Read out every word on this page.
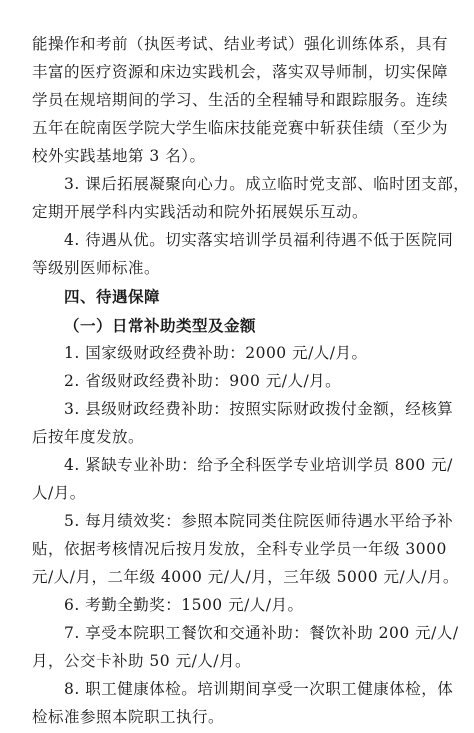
能操作和考前（执医考试、结业考试）强化训练体系，具有
丰富的医疗资源和床边实践机会，落实双导师制，切实保障
学员在规培期间的学习、生活的全程辅导和跟踪服务。连续
五年在皖南医学院大学生临床技能竞赛中斩获佳绩（至少为
校外实践基地第 3 名）。
3. 课后拓展凝聚向心力。成立临时党支部、临时团支部，
定期开展学科内实践活动和院外拓展娱乐互动。
4. 待遇从优。切实落实培训学员福利待遇不低于医院同
等级别医师标准。
四、待遇保障
（一）日常补助类型及金额
1. 国家级财政经费补助：2000 元/人/月。
2. 省级财政经费补助：900 元/人/月。
3. 县级财政经费补助：按照实际财政拨付金额，经核算
后按年度发放。
4. 紧缺专业补助：给予全科医学专业培训学员 800 元/
人/月。
5. 每月绩效奖：参照本院同类住院医师待遇水平给予补
贴，依据考核情况后按月发放，全科专业学员一年级 3000
元/人/月，二年级 4000 元/人/月，三年级 5000 元/人/月。
6. 考勤全勤奖：1500 元/人/月。
7. 享受本院职工餐饮和交通补助：餐饮补助 200 元/人/
月，公交卡补助 50 元/人/月。
8. 职工健康体检。培训期间享受一次职工健康体检，体
检标准参照本院职工执行。
